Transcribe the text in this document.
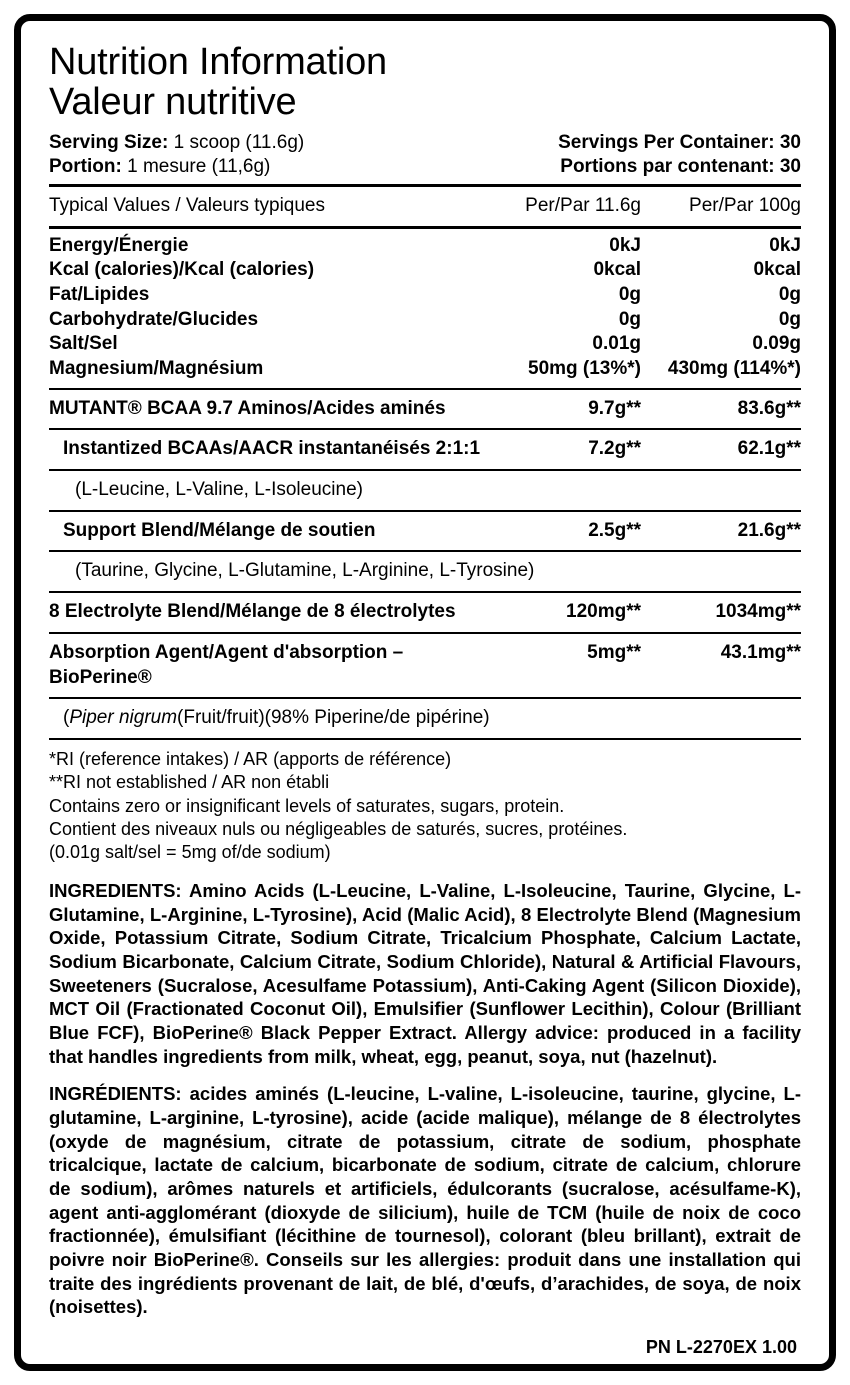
Nutrition Information
Valeur nutritive
Serving Size: 1 scoop (11.6g)	Servings Per Container: 30
Portion: 1 mesure (11,6g)	Portions par contenant: 30
Typical Values / Valeurs typiques	Per/Par 11.6g	Per/Par 100g

Energy/Énergie	0kJ	0kJ
Kcal (calories)/Kcal (calories)	0kcal	0kcal
Fat/Lipides	0g	0g
Carbohydrate/Glucides	0g	0g
Salt/Sel	0.01g	0.09g
Magnesium/Magnésium	50mg (13%*)	430mg (114%*)

MUTANT® BCAA 9.7 Aminos/Acides aminés	9.7g**	83.6g**

Instantized BCAAs/AACR instantanéisés 2:1:1	7.2g**	62.1g**

(L-Leucine, L-Valine, L-Isoleucine)		

Support Blend/Mélange de soutien	2.5g**	21.6g**

(Taurine, Glycine, L-Glutamine, L-Arginine, L-Tyrosine)		

8 Electrolyte Blend/Mélange de 8 électrolytes	120mg**	1034mg**

Absorption Agent/Agent d'absorption – BioPerine®	5mg**	43.1mg**

(Piper nigrum(Fruit/fruit)(98% Piperine/de pipérine)		

*RI (reference intakes) / AR (apports de référence)
**RI not established / AR non établi
Contains zero or insignificant levels of saturates, sugars, protein.
Contient des niveaux nuls ou négligeables de saturés, sucres, protéines.
(0.01g salt/sel = 5mg of/de sodium)
INGREDIENTS: Amino Acids (L-Leucine, L-Valine, L-Isoleucine, Taurine, Glycine, L-Glutamine, L-Arginine, L-Tyrosine), Acid (Malic Acid), 8 Electrolyte Blend (Magnesium Oxide, Potassium Citrate, Sodium Citrate, Tricalcium Phosphate, Calcium Lactate, Sodium Bicarbonate, Calcium Citrate, Sodium Chloride), Natural & Artificial Flavours, Sweeteners (Sucralose, Acesulfame Potassium), Anti-Caking Agent (Silicon Dioxide), MCT Oil (Fractionated Coconut Oil), Emulsifier (Sunflower Lecithin), Colour (Brilliant Blue FCF), BioPerine® Black Pepper Extract. Allergy advice: produced in a facility that handles ingredients from milk, wheat, egg, peanut, soya, nut (hazelnut).
INGRÉDIENTS: acides aminés (L-leucine, L-valine, L-isoleucine, taurine, glycine, L-glutamine, L-arginine, L-tyrosine), acide (acide malique), mélange de 8 électrolytes (oxyde de magnésium, citrate de potassium, citrate de sodium, phosphate tricalcique, lactate de calcium, bicarbonate de sodium, citrate de calcium, chlorure de sodium), arômes naturels et artificiels, édulcorants (sucralose, acésulfame-K), agent anti-agglomérant (dioxyde de silicium), huile de TCM (huile de noix de coco fractionnée), émulsifiant (lécithine de tournesol), colorant (bleu brillant), extrait de poivre noir BioPerine®. Conseils sur les allergies: produit dans une installation qui traite des ingrédients provenant de lait, de blé, d'œufs, d’arachides, de soya, de noix (noisettes).
PN L-2270EX 1.00
